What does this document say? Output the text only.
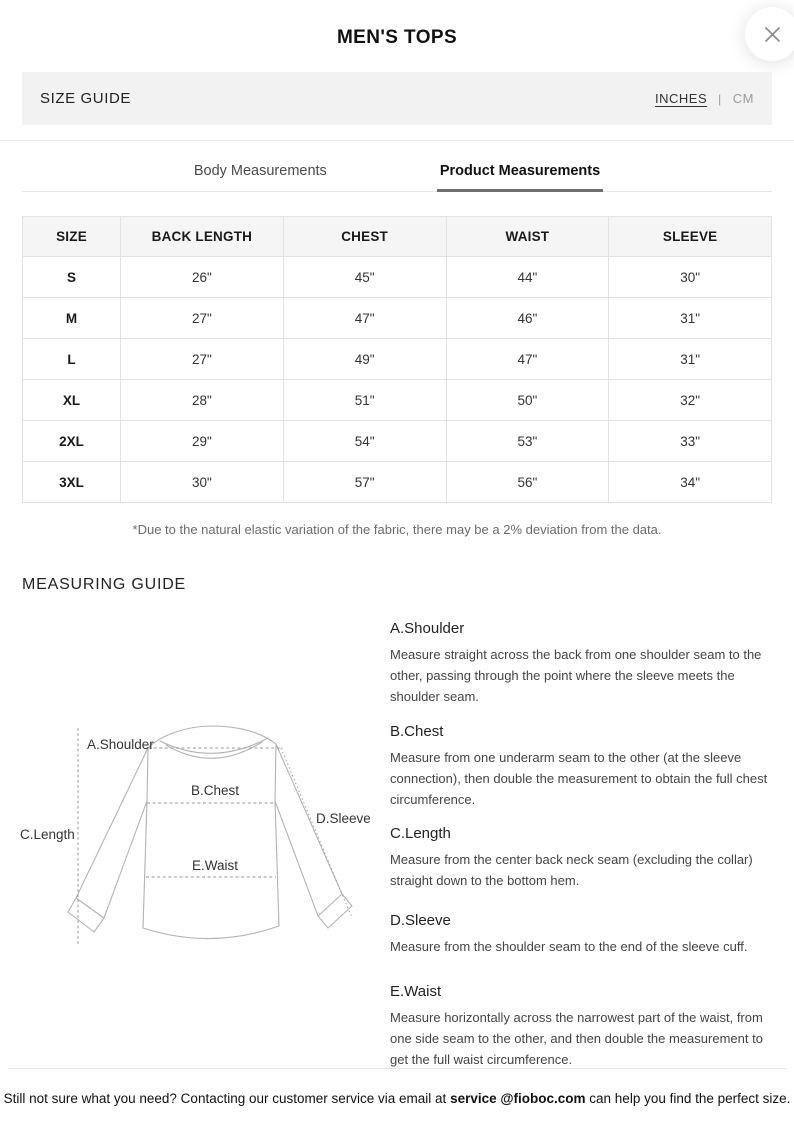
MEN'S TOPS
SIZE GUIDE	INCHES | CM
Body Measurements	Product Measurements
SIZE	BACK LENGTH	CHEST	WAIST	SLEEVE
S	26"	45"	44"	30"
M	27"	47"	46"	31"
L	27"	49"	47"	31"
XL	28"	51"	50"	32"
2XL	29"	54"	53"	33"
3XL	30"	57"	56"	34"
*Due to the natural elastic variation of the fabric, there may be a 2% deviation from the data.
MEASURING GUIDE
A.Shoulder
B.Chest
C.Length
D.Sleeve
E.Waist
A.Shoulder
Measure straight across the back from one shoulder seam to the other, passing through the point where the sleeve meets the shoulder seam.
B.Chest
Measure from one underarm seam to the other (at the sleeve connection), then double the measurement to obtain the full chest circumference.
C.Length
Measure from the center back neck seam (excluding the collar) straight down to the bottom hem.
D.Sleeve
Measure from the shoulder seam to the end of the sleeve cuff.
E.Waist
Measure horizontally across the narrowest part of the waist, from one side seam to the other, and then double the measurement to get the full waist circumference.
Still not sure what you need? Contacting our customer service via email at service @fioboc.com can help you find the perfect size.
